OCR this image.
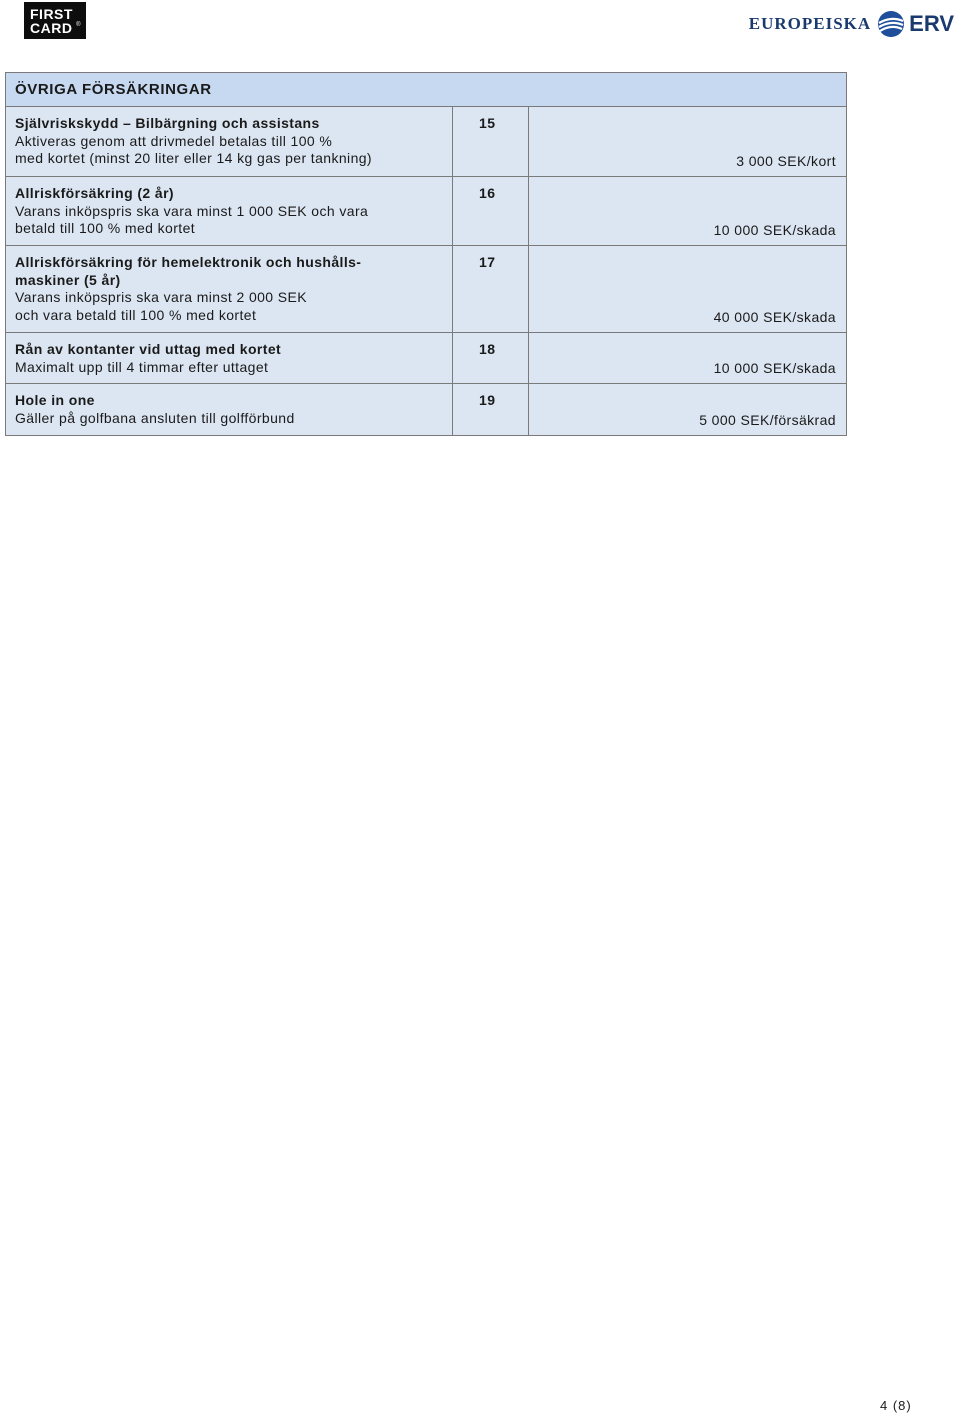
FIRST
CARD ®	EUROPEISKA ERV
ÖVRIGA FÖRSÄKRINGAR		

Självriskskydd – Bilbärgning och assistans
Aktiveras genom att drivmedel betalas till 100 %
med kortet (minst 20 liter eller 14 kg gas per tankning)	15	3 000 SEK/kort

Allriskförsäkring (2 år)
Varans inköpspris ska vara minst 1 000 SEK och vara
betald till 100 % med kortet	16	10 000 SEK/skada

Allriskförsäkring för hemelektronik och hushålls-
maskiner (5 år)
Varans inköpspris ska vara minst 2 000 SEK
och vara betald till 100 % med kortet	17	40 000 SEK/skada

Rån av kontanter vid uttag med kortet
Maximalt upp till 4 timmar efter uttaget	18	10 000 SEK/skada

Hole in one
Gäller på golfbana ansluten till golfförbund	19	5 000 SEK/försäkrad
4 (8)
